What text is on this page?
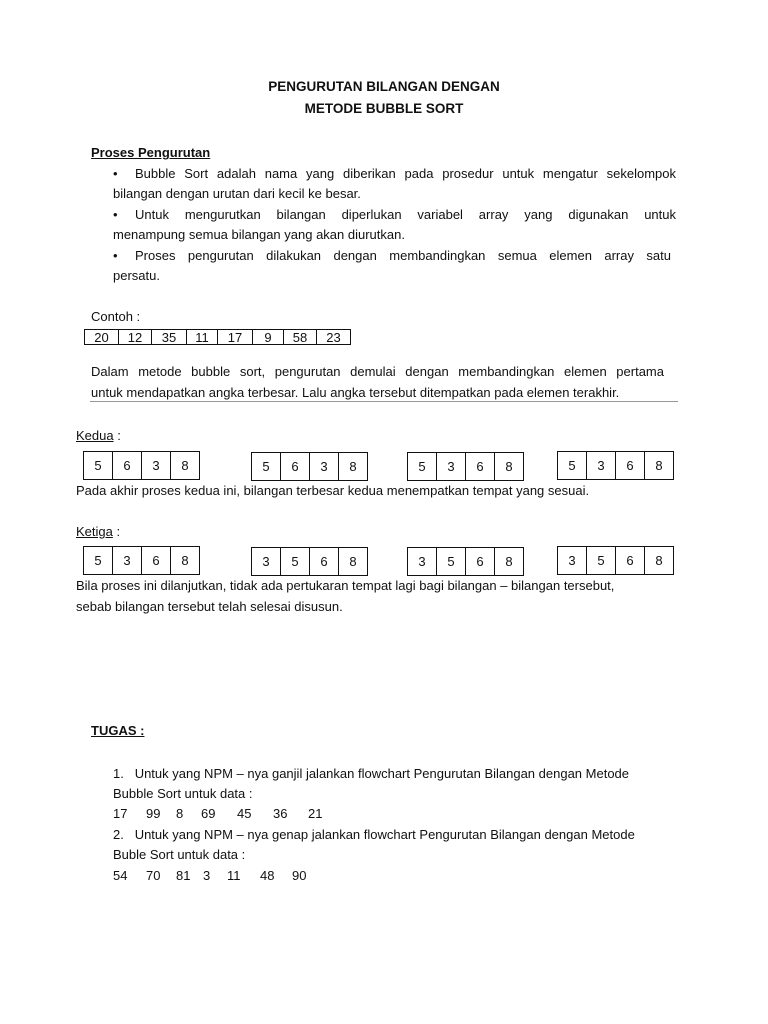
PENGURUTAN BILANGAN DENGAN
METODE BUBBLE SORT
Proses Pengurutan
•	Bubble Sort adalah nama yang diberikan pada prosedur untuk mengatur sekelompok
bilangan dengan urutan dari kecil ke besar.
•	Untuk mengurutkan bilangan diperlukan variabel array yang digunakan untuk
menampung semua bilangan yang akan diurutkan.
•	Proses pengurutan dilakukan dengan membandingkan semua elemen array satu
persatu.
Contoh :
20	12	35	11	17	9	58	23
Dalam metode bubble sort, pengurutan demulai dengan membandingkan elemen pertama
untuk mendapatkan angka terbesar. Lalu angka tersebut ditempatkan pada elemen terakhir.
Kedua :
5	6	3	8	5	6	3	8	5	3	6	8	5	3	6	8
Pada akhir proses kedua ini, bilangan terbesar kedua menempatkan tempat yang sesuai.
Ketiga :
5	3	6	8	3	5	6	8	3	5	6	8	3	5	6	8
Bila proses ini dilanjutkan, tidak ada pertukaran tempat lagi bagi bilangan – bilangan tersebut,
sebab bilangan tersebut telah selesai disusun.
TUGAS :
1. Untuk yang NPM – nya ganjil jalankan flowchart Pengurutan Bilangan dengan Metode
Bubble Sort untuk data :
17 99 8 69 45 36 21
2. Untuk yang NPM – nya genap jalankan flowchart Pengurutan Bilangan dengan Metode
Buble Sort untuk data :
54 70 81 3 11 48 90
